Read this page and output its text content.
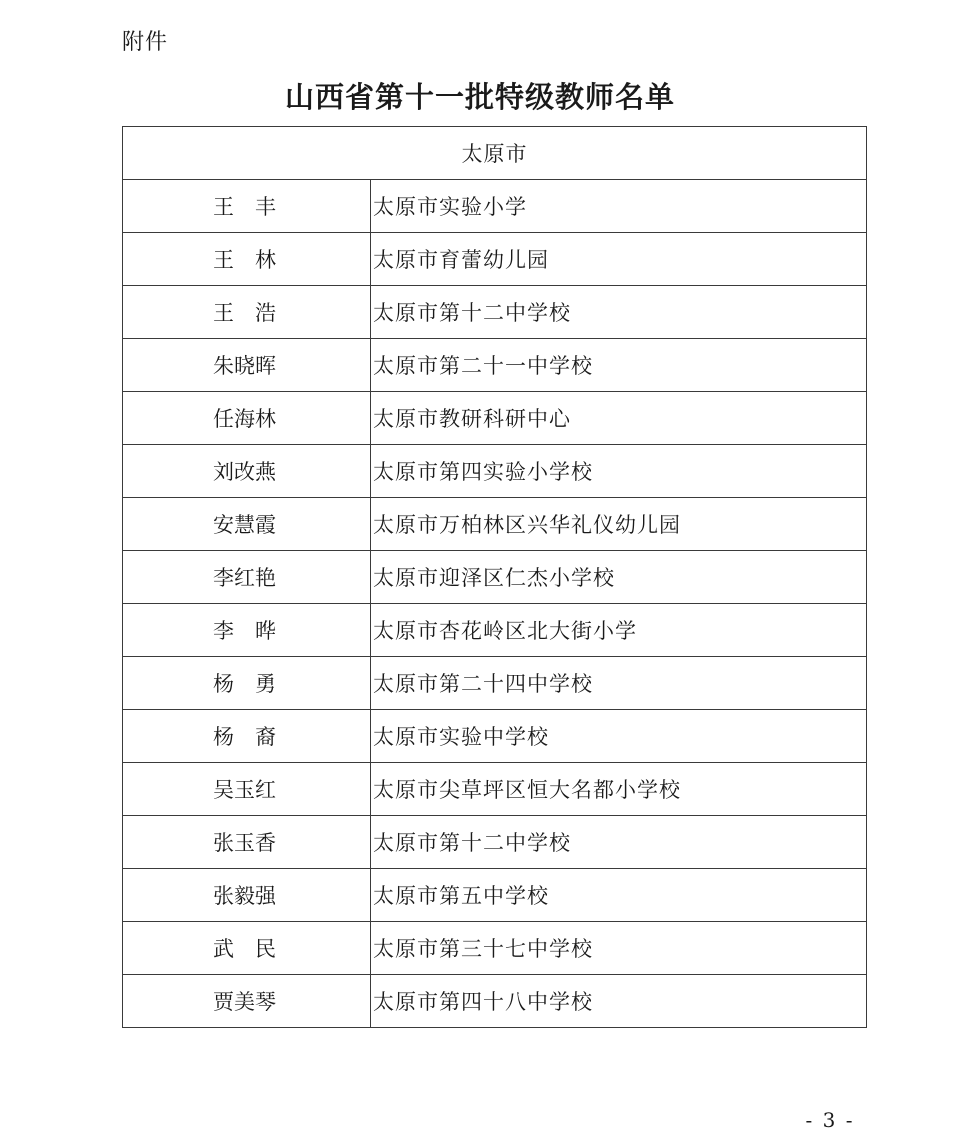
附件
山西省第十一批特级教师名单
太原市	
王　丰	太原市实验小学
王　林	太原市育蕾幼儿园
王　浩	太原市第十二中学校
朱晓晖	太原市第二十一中学校
任海林	太原市教研科研中心
刘改燕	太原市第四实验小学校
安慧霞	太原市万柏林区兴华礼仪幼儿园
李红艳	太原市迎泽区仁杰小学校
李　晔	太原市杏花岭区北大街小学
杨　勇	太原市第二十四中学校
杨　裔	太原市实验中学校
吴玉红	太原市尖草坪区恒大名都小学校
张玉香	太原市第十二中学校
张毅强	太原市第五中学校
武　民	太原市第三十七中学校
贾美琴	太原市第四十八中学校
- 3 -
